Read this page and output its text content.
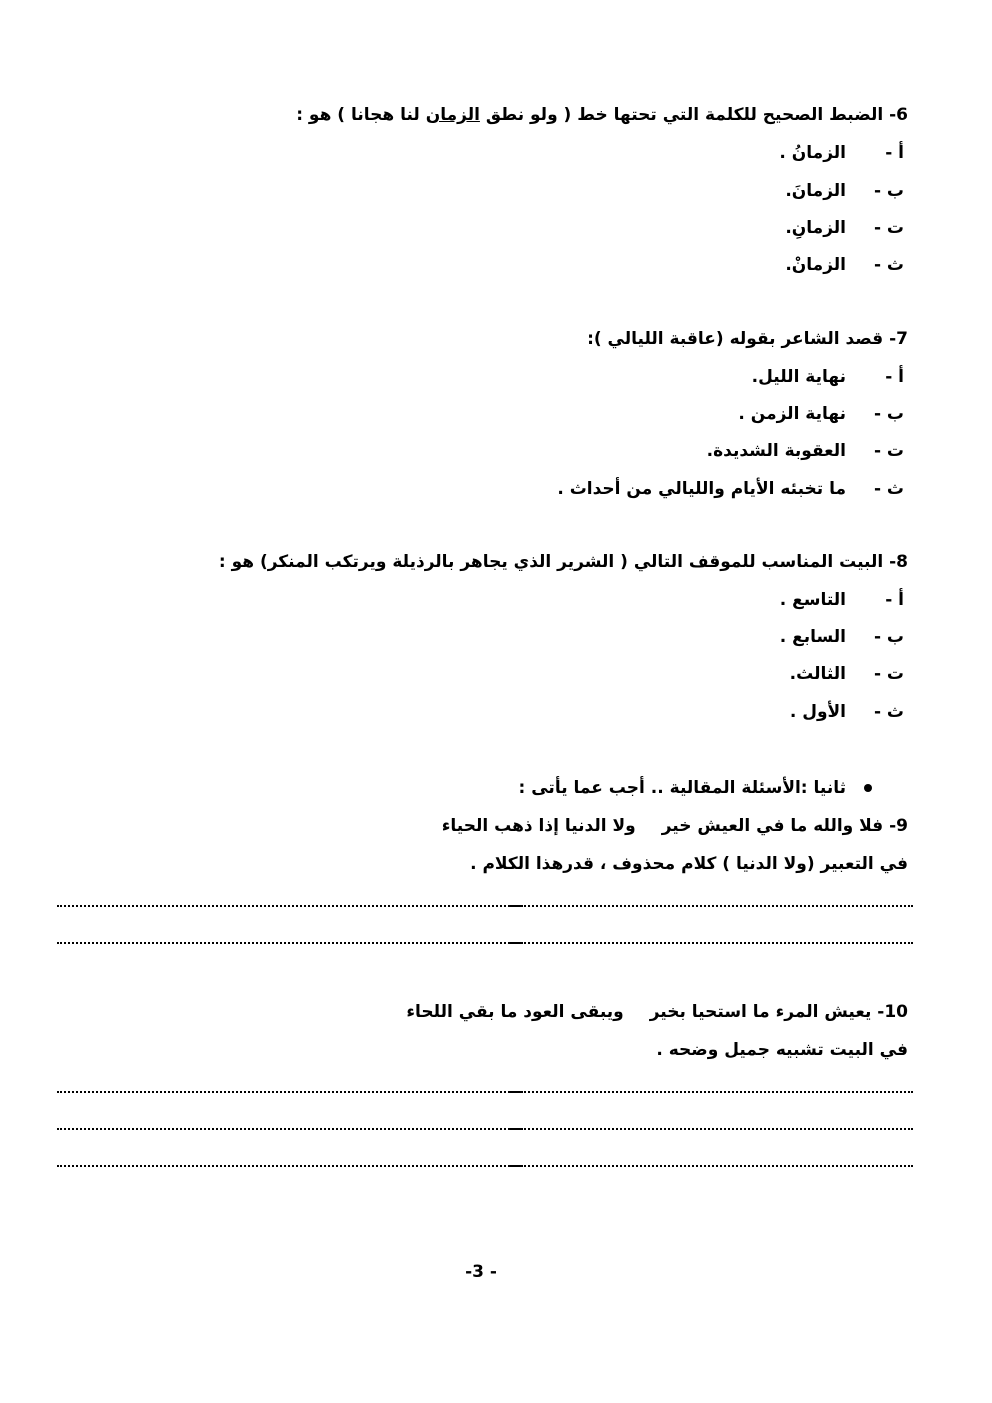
6- الضبط الصحيح للكلمة التي تحتها خط ( ولو نطق الزمان لنا هجانا ) هو :
أ -الزمانُ .
ب -الزمانَ.
ت -الزمانِ.
ث -الزمانْ.
7- قصد الشاعر بقوله (عاقبة الليالي ):
أ -نهاية الليل.
ب -نهاية الزمن .
ت -العقوبة الشديدة.
ث -ما تخبئه الأيام والليالي من أحداث .
8- البيت المناسب للموقف التالي ( الشرير الذي يجاهر بالرذيلة ويرتكب المنكر) هو :
أ -التاسع .
ب -السابع .
ت -الثالث.
ث -الأول .
ثانيا :الأسئلة المقالية .. أجب عما يأتى :
9- فلا والله ما في العيش خيرولا الدنيا إذا ذهب الحياء
في التعبير (ولا الدنيا ) كلام محذوف ، قدرهذا الكلام .
10- يعيش المرء ما استحيا بخيرويبقى العود ما بقي اللحاء
في البيت تشبيه جميل وضحه .
-3 -
